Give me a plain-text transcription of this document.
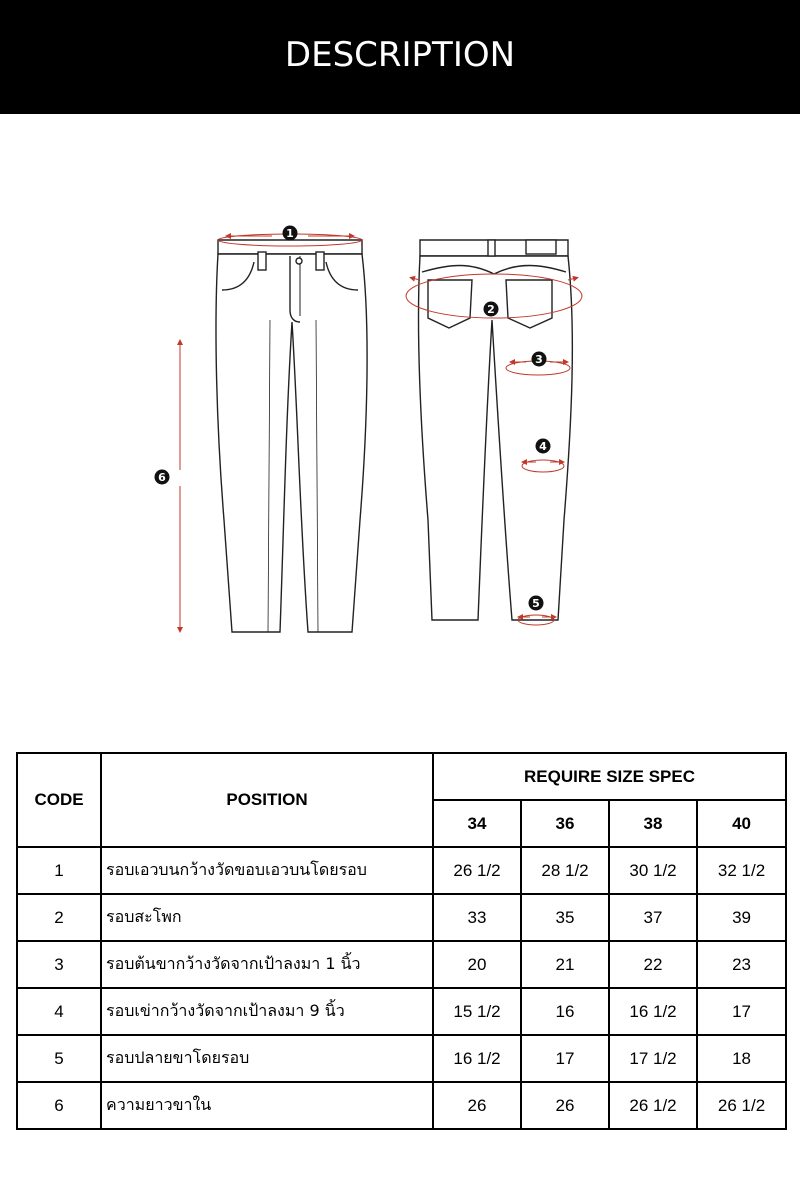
DESCRIPTION
1
2
3
4
5
6
CODE	POSITION	REQUIRE SIZE SPEC			
		34	36	38	40
1	รอบเอวบนกว้างวัดขอบเอวบนโดยรอบ	26 1/2	28 1/2	30 1/2	32 1/2
2	รอบสะโพก	33	35	37	39
3	รอบต้นขากว้างวัดจากเป้าลงมา 1 นิ้ว	20	21	22	23
4	รอบเข่ากว้างวัดจากเป้าลงมา 9 นิ้ว	15 1/2	16	16 1/2	17
5	รอบปลายขาโดยรอบ	16 1/2	17	17 1/2	18
6	ความยาวขาใน	26	26	26 1/2	26 1/2
